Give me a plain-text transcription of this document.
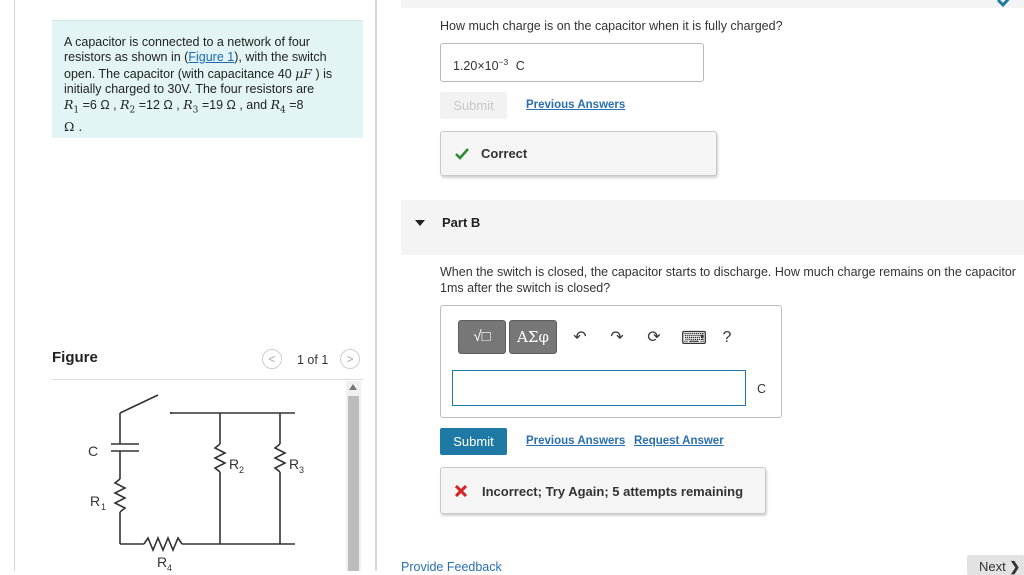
A capacitor is connected to a network of four resistors as shown in (Figure 1), with the switch open. The capacitor (with capacitance 40 μF ) is initially charged to 30V. The four resistors are
$R_1 =6$ Ω , $R_2 =12$ Ω , $R_3 =19$ Ω , and $R_4 =8$
Ω .
Figure	<	1 of 1	>
C
R 1
R 2	R 3
R 4
How much charge is on the capacitor when it is fully charged?
$1.20\times 10^{-3}$ C
Submit	Previous Answers
Correct
Part B
When the switch is closed, the capacitor starts to discharge. How much charge remains on the capacitor 1ms after the switch is closed?
√□	ΑΣφ	↶ ↷ ⟳ ⌨ ?
C
Submit	Previous Answers Request Answer
Incorrect; Try Again; 5 attempts remaining
Provide Feedback	Next ❯
